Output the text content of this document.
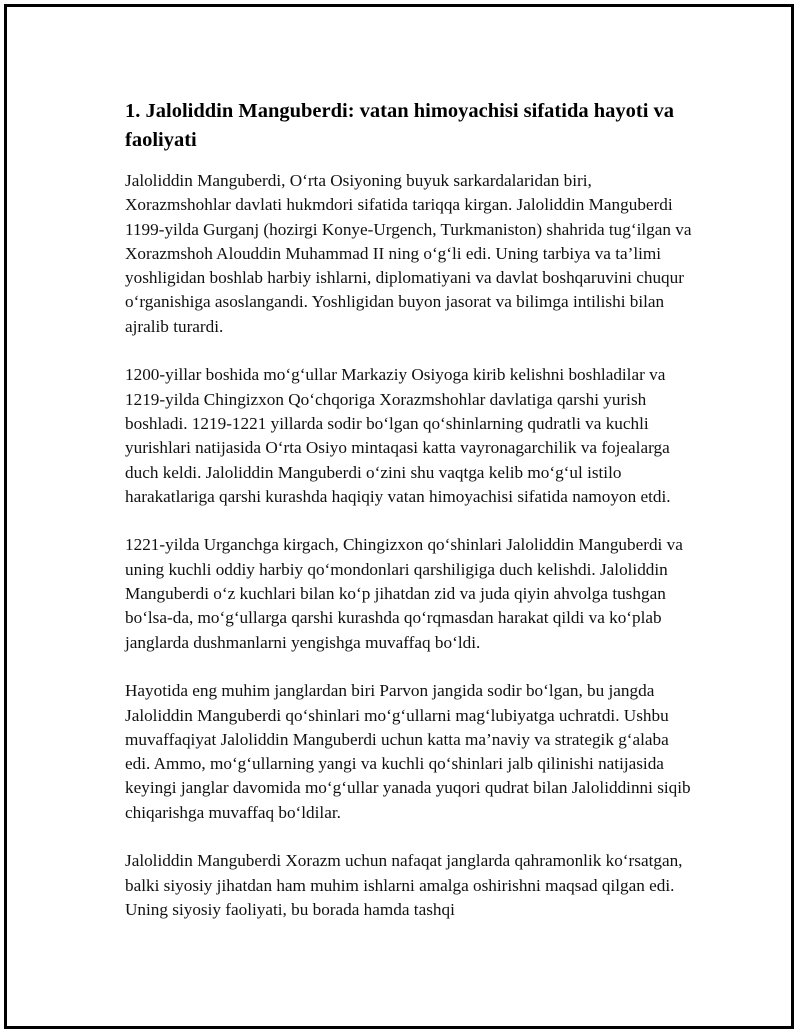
1. Jaloliddin Manguberdi: vatan himoyachisi sifatida hayoti va faoliyati

Jaloliddin Manguberdi, O‘rta Osiyoning buyuk sarkardalaridan biri, Xorazmshohlar davlati hukmdori sifatida tariqqa kirgan. Jaloliddin Manguberdi 1199-yilda Gurganj (hozirgi Konye-Urgench, Turkmaniston) shahrida tug‘ilgan va Xorazmshoh Alouddin Muhammad II ning o‘g‘li edi. Uning tarbiya va ta’limi yoshligidan boshlab harbiy ishlarni, diplomatiyani va davlat boshqaruvini chuqur o‘rganishiga asoslangandi. Yoshligidan buyon jasorat va bilimga intilishi bilan ajralib turardi.

1200-yillar boshida mo‘g‘ullar Markaziy Osiyoga kirib kelishni boshladilar va 1219-yilda Chingizxon Qo‘chqoriga Xorazmshohlar davlatiga qarshi yurish boshladi. 1219-1221 yillarda sodir bo‘lgan qo‘shinlarning qudratli va kuchli yurishlari natijasida O‘rta Osiyo mintaqasi katta vayronagarchilik va fojealarga duch keldi. Jaloliddin Manguberdi o‘zini shu vaqtga kelib mo‘g‘ul istilo harakatlariga qarshi kurashda haqiqiy vatan himoyachisi sifatida namoyon etdi.

1221-yilda Urganchga kirgach, Chingizxon qo‘shinlari Jaloliddin Manguberdi va uning kuchli oddiy harbiy qo‘mondonlari qarshiligiga duch kelishdi. Jaloliddin Manguberdi o‘z kuchlari bilan ko‘p jihatdan zid va juda qiyin ahvolga tushgan bo‘lsa-da, mo‘g‘ullarga qarshi kurashda qo‘rqmasdan harakat qildi va ko‘plab janglarda dushmanlarni yengishga muvaffaq bo‘ldi.

Hayotida eng muhim janglardan biri Parvon jangida sodir bo‘lgan, bu jangda Jaloliddin Manguberdi qo‘shinlari mo‘g‘ullarni mag‘lubiyatga uchratdi. Ushbu muvaffaqiyat Jaloliddin Manguberdi uchun katta ma’naviy va strategik g‘alaba edi. Ammo, mo‘g‘ullarning yangi va kuchli qo‘shinlari jalb qilinishi natijasida keyingi janglar davomida mo‘g‘ullar yanada yuqori qudrat bilan Jaloliddinni siqib chiqarishga muvaffaq bo‘ldilar.

Jaloliddin Manguberdi Xorazm uchun nafaqat janglarda qahramonlik ko‘rsatgan, balki siyosiy jihatdan ham muhim ishlarni amalga oshirishni maqsad qilgan edi. Uning siyosiy faoliyati, bu borada hamda tashqi
